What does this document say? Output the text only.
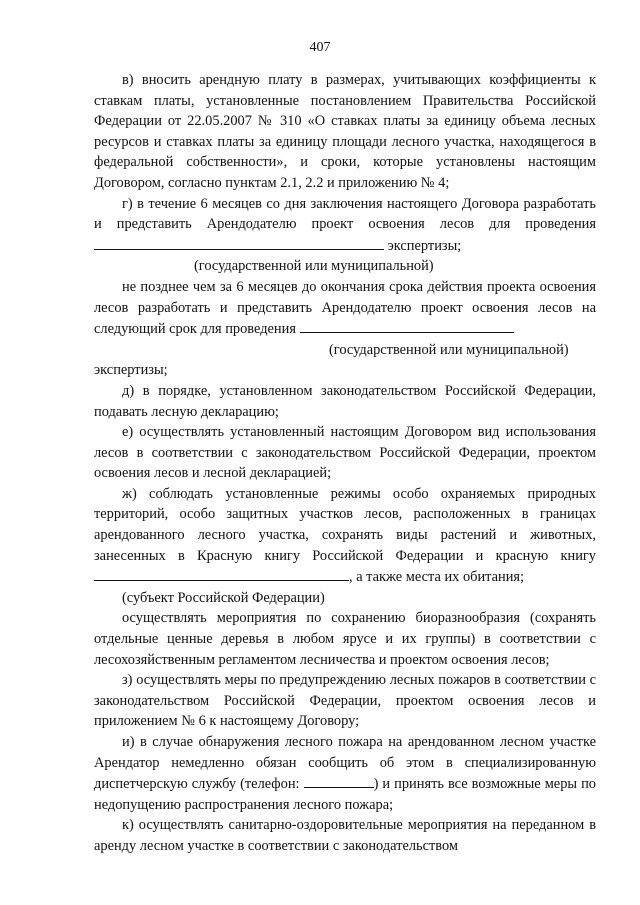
407

в) вносить арендную плату в размерах, учитывающих коэффициенты к ставкам платы, установленные постановлением Правительства Российской Федерации от 22.05.2007 № 310 «О ставках платы за единицу объема лесных ресурсов и ставках платы за единицу площади лесного участка, находящегося в федеральной собственности», и сроки, которые установлены настоящим Договором, согласно пунктам 2.1, 2.2 и приложению № 4;

г) в течение 6 месяцев со дня заключения настоящего Договора разработать и представить Арендодателю проект освоения лесов для проведения  экспертизы;

(государственной или муниципальной)

не позднее чем за 6 месяцев до окончания срока действия проекта освоения лесов разработать и представить Арендодателю проект освоения лесов на следующий срок для проведения

(государственной или муниципальной)

экспертизы;

д) в порядке, установленном законодательством Российской Федерации, подавать лесную декларацию;

е) осуществлять установленный настоящим Договором вид использования лесов в соответствии с законодательством Российской Федерации, проектом освоения лесов и лесной декларацией;

ж) соблюдать установленные режимы особо охраняемых природных территорий, особо защитных участков лесов, расположенных в границах арендованного лесного участка, сохранять виды растений и животных, занесенных в Красную книгу Российской Федерации и красную книгу , а также места их обитания;

(субъект Российской Федерации)

осуществлять мероприятия по сохранению биоразнообразия (сохранять отдельные ценные деревья в любом ярусе и их группы) в соответствии с лесохозяйственным регламентом лесничества и проектом освоения лесов;

з) осуществлять меры по предупреждению лесных пожаров в соответствии с законодательством Российской Федерации, проектом освоения лесов и приложением № 6 к настоящему Договору;

и) в случае обнаружения лесного пожара на арендованном лесном участке Арендатор немедленно обязан сообщить об этом в специализированную диспетчерскую службу (телефон:	) и принять все возможные меры по недопущению распространения лесного пожара;

к) осуществлять санитарно-оздоровительные мероприятия на переданном в аренду лесном участке в соответствии с законодательством
